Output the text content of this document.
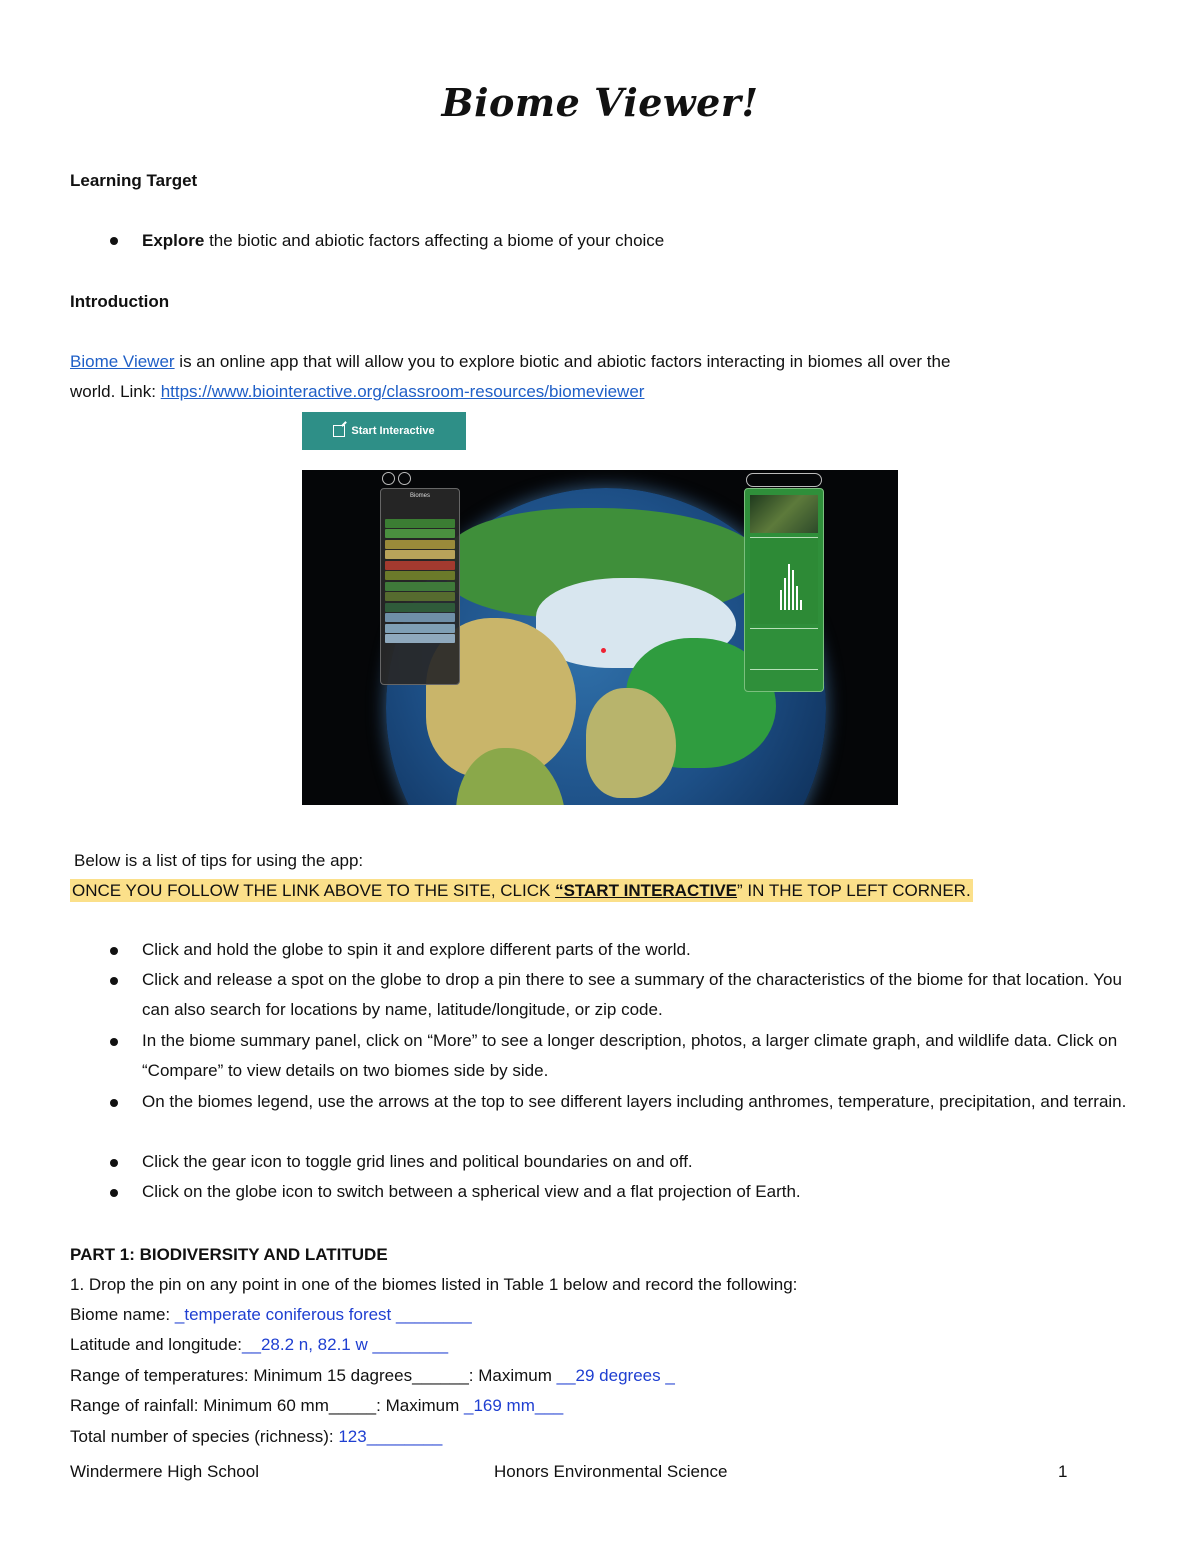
Biome Viewer!
Learning Target
Explore the biotic and abiotic factors affecting a biome of your choice
Introduction
Biome Viewer is an online app that will allow you to explore biotic and abiotic factors interacting in biomes all over the
world. Link: https://www.biointeractive.org/classroom-resources/biomeviewer
Start Interactive
Biomes
Below is a list of tips for using the app:
ONCE YOU FOLLOW THE LINK ABOVE TO THE SITE, CLICK “START INTERACTIVE” IN THE TOP LEFT CORNER.
Click and hold the globe to spin it and explore different parts of the world.
Click and release a spot on the globe to drop a pin there to see a summary of the characteristics of the biome for that location. You can also search for locations by name, latitude/longitude, or zip code.
In the biome summary panel, click on “More” to see a longer description, photos, a larger climate graph, and wildlife data. Click on “Compare” to view details on two biomes side by side.
On the biomes legend, use the arrows at the top to see different layers including anthromes, temperature, precipitation, and terrain.
Click the gear icon to toggle grid lines and political boundaries on and off.
Click on the globe icon to switch between a spherical view and a flat projection of Earth.
PART 1: BIODIVERSITY AND LATITUDE
1. Drop the pin on any point in one of the biomes listed in Table 1 below and record the following:
Biome name: _temperate coniferous forest ________
Latitude and longitude:__28.2 n, 82.1 w ________
Range of temperatures: Minimum 15 dagrees______: Maximum __29 degrees _
Range of rainfall: Minimum 60 mm_____: Maximum _169 mm___
Total number of species (richness): 123________
Windermere High School	Honors Environmental Science	1
